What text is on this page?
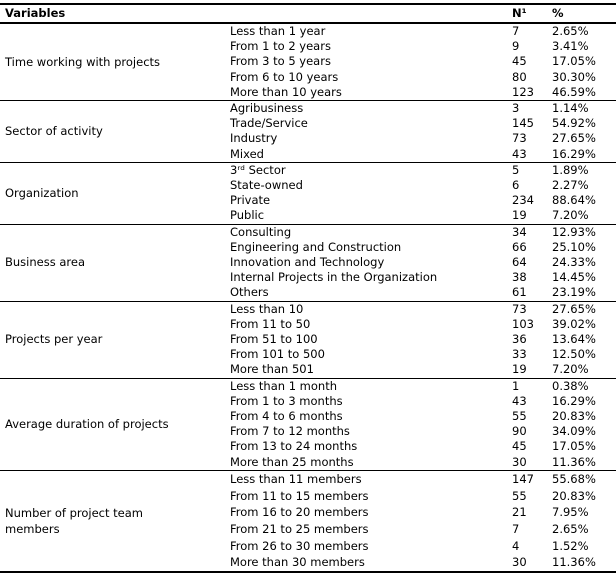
Variables		N¹	%
Time working with projects	Less than 1 year	7	2.65%
	From 1 to 2 years	9	3.41%
	From 3 to 5 years	45	17.05%
	From 6 to 10 years	80	30.30%
	More than 10 years	123	46.59%
Sector of activity	Agribusiness	3	1.14%
	Trade/Service	145	54.92%
	Industry	73	27.65%
	Mixed	43	16.29%
Organization	3ʳᵈ Sector	5	1.89%
	State-owned	6	2.27%
	Private	234	88.64%
	Public	19	7.20%
Business area	Consulting	34	12.93%
	Engineering and Construction	66	25.10%
	Innovation and Technology	64	24.33%
	Internal Projects in the Organization	38	14.45%
	Others	61	23.19%
Projects per year	Less than 10	73	27.65%
	From 11 to 50	103	39.02%
	From 51 to 100	36	13.64%
	From 101 to 500	33	12.50%
	More than 501	19	7.20%
Average duration of projects	Less than 1 month	1	0.38%
	From 1 to 3 months	43	16.29%
	From 4 to 6 months	55	20.83%
	From 7 to 12 months	90	34.09%
	From 13 to 24 months	45	17.05%
	More than 25 months	30	11.36%
Number of project team members	Less than 11 members	147	55.68%
	From 11 to 15 members	55	20.83%
	From 16 to 20 members	21	7.95%
	From 21 to 25 members	7	2.65%
	From 26 to 30 members	4	1.52%
	More than 30 members	30	11.36%
